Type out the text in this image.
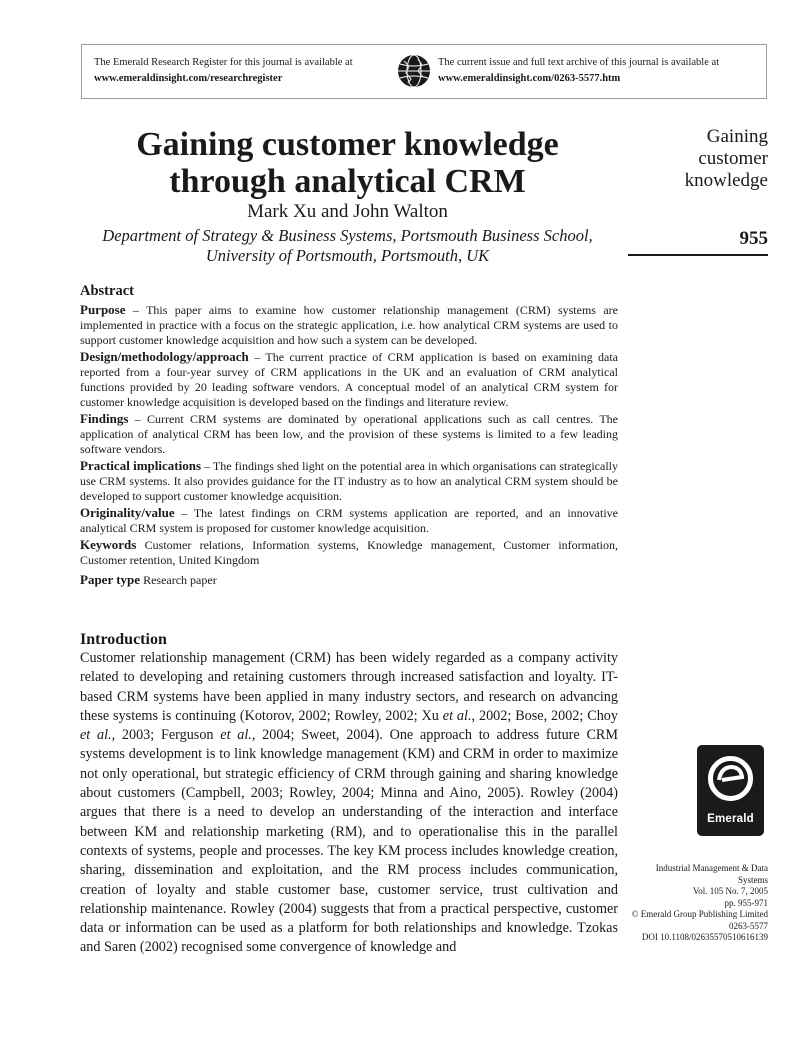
The Emerald Research Register for this journal is available at
www.emeraldinsight.com/researchregister
The current issue and full text archive of this journal is available at
www.emeraldinsight.com/0263-5577.htm
Gaining customer knowledge
through analytical CRM
Mark Xu and John Walton
Department of Strategy & Business Systems, Portsmouth Business School,
University of Portsmouth, Portsmouth, UK
Gaining
customer
knowledge
955
Abstract

Purpose – This paper aims to examine how customer relationship management (CRM) systems are implemented in practice with a focus on the strategic application, i.e. how analytical CRM systems are used to support customer knowledge acquisition and how such a system can be developed.

Design/methodology/approach – The current practice of CRM application is based on examining data reported from a four-year survey of CRM applications in the UK and an evaluation of CRM analytical functions provided by 20 leading software vendors. A conceptual model of an analytical CRM system for customer knowledge acquisition is developed based on the findings and literature review.

Findings – Current CRM systems are dominated by operational applications such as call centres. The application of analytical CRM has been low, and the provision of these systems is limited to a few leading software vendors.

Practical implications – The findings shed light on the potential area in which organisations can strategically use CRM systems. It also provides guidance for the IT industry as to how an analytical CRM system should be developed to support customer knowledge acquisition.

Originality/value – The latest findings on CRM systems application are reported, and an innovative analytical CRM system is proposed for customer knowledge acquisition.

Keywords Customer relations, Information systems, Knowledge management, Customer information, Customer retention, United Kingdom

Paper type Research paper

Introduction

Customer relationship management (CRM) has been widely regarded as a company activity related to developing and retaining customers through increased satisfaction and loyalty. IT-based CRM systems have been applied in many industry sectors, and research on advancing these systems is continuing (Kotorov, 2002; Rowley, 2002; Xu et al., 2002; Bose, 2002; Choy et al., 2003; Ferguson et al., 2004; Sweet, 2004). One approach to address future CRM systems development is to link knowledge management (KM) and CRM in order to maximize not only operational, but strategic efficiency of CRM through gaining and sharing knowledge about customers (Campbell, 2003; Rowley, 2004; Minna and Aino, 2005). Rowley (2004) argues that there is a need to develop an understanding of the interaction and interface between KM and relationship marketing (RM), and to operationalise this in the parallel contexts of systems, people and processes. The key KM process includes knowledge creation, sharing, dissemination and exploitation, and the RM process includes communication, creation of loyalty and stable customer base, customer service, trust cultivation and relationship maintenance. Rowley (2004) suggests that from a practical perspective, customer data or information can be used as a platform for both relationships and knowledge. Tzokas and Saren (2002) recognised some convergence of knowledge and

Emerald
Industrial Management & Data
Systems
Vol. 105 No. 7, 2005
pp. 955-971
© Emerald Group Publishing Limited
0263-5577
DOI 10.1108/02635570510616139
